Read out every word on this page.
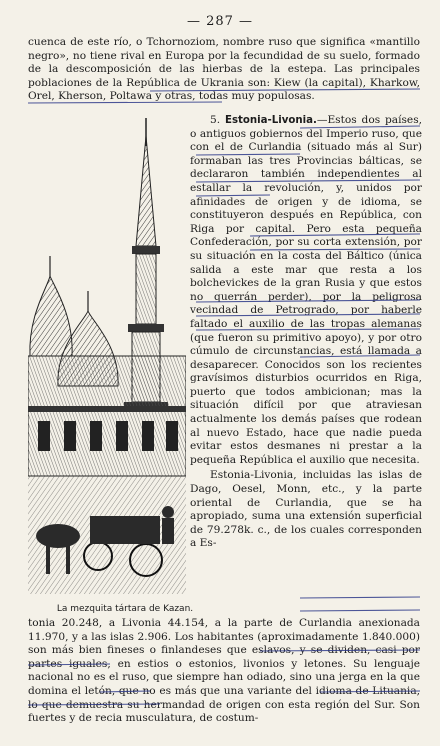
— 287 —
cuenca de este río, o Tchornoziom, nombre ruso que significa «mantillo negro», no tiene rival en Europa por la fecundidad de su suelo, formado de la descomposición de las hierbas de la estepa. Las principales poblaciones de la República de Ukrania son: Kiew (la capital), Kharkow, Orel, Kherson, Poltawa y otras, todas muy populosas.

5. Estonia-Livonia.—Estos dos países, o antiguos gobiernos del Imperio ruso, que con el de Curlandia (situado más al Sur) formaban las tres Provincias bálticas, se declararon también independientes al estallar la revolución, y, unidos por afinidades de origen y de idioma, se constituyeron después en República, con Riga por capital. Pero esta pequeña Confederación, por su corta extensión, por su situación en la costa del Báltico (única salida a este mar que resta a los bolchevickes de la gran Rusia y que estos no querrán perder), por la peligrosa vecindad de Petrogrado, por haberle faltado el auxilio de las tropas alemanas (que fueron su primitivo apoyo), y por otro cúmulo de circunstancias, está llamada a desaparecer. Conocidos son los recientes gravísimos disturbios ocurridos en Riga, puerto que todos ambicionan; mas la situación difícil por que atraviesan actualmente los demás países que rodean al nuevo Estado, hace que nadie pueda evitar estos desmanes ni prestar a la pequeña República el auxilio que necesita.

Estonia-Livonia, incluidas las islas de Dago, Oesel, Monn, etc., y la parte oriental de Curlandia, que se ha apropiado, suma una extensión superficial de 79.278k. c., de los cuales corresponden a Es-

La mezquita tártara de Kazan.
tonia 20.248, a Livonia 44.154, a la parte de Curlandia anexionada 11.970, y a las islas 2.906. Los habitantes (aproximadamente 1.840.000) son más bien fineses o finlandeses que eslavos, y se dividen, casi por partes iguales, en estios o estonios, livonios y letones. Su lenguaje nacional no es el ruso, que siempre han odiado, sino una jerga en la que domina el letón, que no es más que una variante del idioma de Lituania, lo que demuestra su hermandad de origen con esta región del Sur. Son fuertes y de recia musculatura, de costum-
